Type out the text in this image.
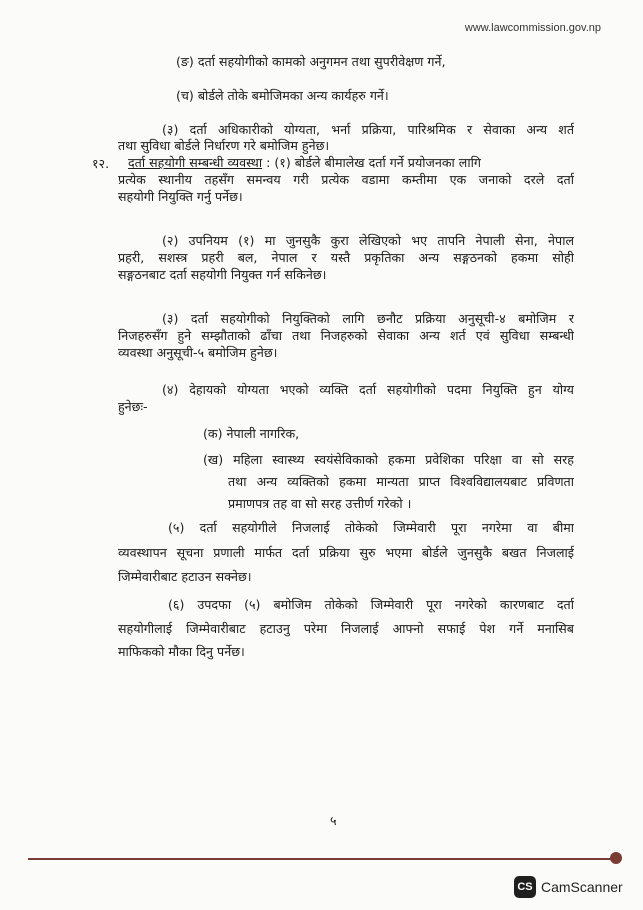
www.lawcommission.gov.np
(ङ) दर्ता सहयोगीको कामको अनुगमन तथा सुपरीवेक्षण गर्ने,
(च) बोर्डले तोके बमोजिमका अन्य कार्यहरु गर्ने।
(३) दर्ता अधिकारीको योग्यता, भर्ना प्रक्रिया, पारिश्रमिक र सेवाका अन्य शर्त
तथा सुविधा बोर्डले निर्धारण गरे बमोजिम हुनेछ।
१२. दर्ता सहयोगी सम्बन्धी व्यवस्था : (१) बोर्डले बीमालेख दर्ता गर्ने प्रयोजनका लागि
प्रत्येक स्थानीय तहसँग समन्वय गरी प्रत्येक वडामा कम्तीमा एक जनाको दरले दर्ता
सहयोगी नियुक्ति गर्नु पर्नेछ।
(२) उपनियम (१) मा जुनसुकै कुरा लेखिएको भए तापनि नेपाली सेना, नेपाल
प्रहरी, सशस्त्र प्रहरी बल, नेपाल र यस्तै प्रकृतिका अन्य सङ्गठनको हकमा सोही
सङ्गठनबाट दर्ता सहयोगी नियुक्त गर्न सकिनेछ।
(३) दर्ता सहयोगीको नियुक्तिको लागि छनौट प्रक्रिया अनुसूची-४ बमोजिम र
निजहरुसँग हुने सम्झौताको ढाँचा तथा निजहरुको सेवाका अन्य शर्त एवं सुविधा सम्बन्धी
व्यवस्था अनुसूची-५ बमोजिम हुनेछ।
(४) देहायको योग्यता भएको व्यक्ति दर्ता सहयोगीको पदमा नियुक्ति हुन योग्य
हुनेछः-
(क) नेपाली नागरिक,
(ख) महिला स्वास्थ्य स्वयंसेविकाको हकमा प्रवेशिका परिक्षा वा सो सरह
तथा अन्य व्यक्तिको हकमा मान्यता प्राप्त विश्वविद्यालयबाट प्रविणता
प्रमाणपत्र तह वा सो सरह उत्तीर्ण गरेको ।
(५) दर्ता सहयोगीले निजलाई तोकेको जिम्मेवारी पूरा नगरेमा वा बीमा
व्यवस्थापन सूचना प्रणाली मार्फत दर्ता प्रक्रिया सुरु भएमा बोर्डले जुनसुकै बखत निजलाई
जिम्मेवारीबाट हटाउन सक्नेछ।
(६) उपदफा (५) बमोजिम तोकेको जिम्मेवारी पूरा नगरेको कारणबाट दर्ता
सहयोगीलाई जिम्मेवारीबाट हटाउनु परेमा निजलाई आफ्नो सफाई पेश गर्ने मनासिब
माफिकको मौका दिनु पर्नेछ।
५
CS CamScanner
